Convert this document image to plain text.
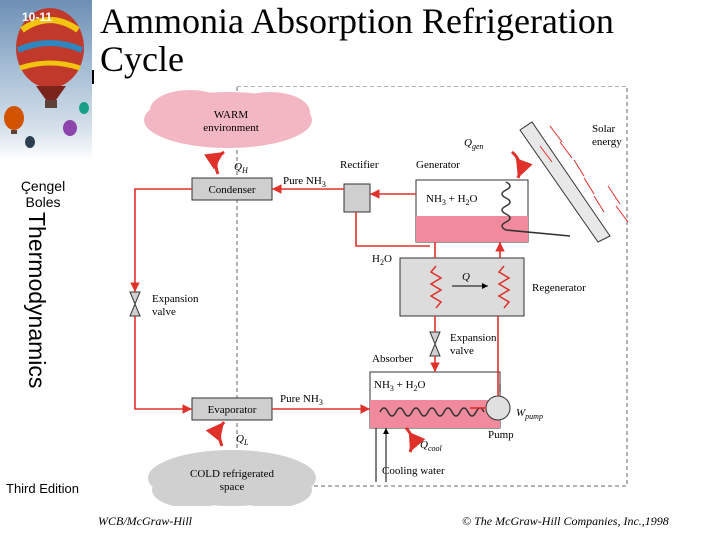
10-11
Çengel
Boles
Thermodynamics
Third Edition
Ammonia Absorption Refrigeration
Cycle
WARM
environment
$Q_H$
Condenser
Pure $NH_3$
Rectifier	Generator
$NH_3 + H_2O$
$Q_{gen}$
Solar
energy
$H_2O$
Q
Regenerator
Expansion
valve
Expansion
valve
Absorber
$NH_3 + H_2O$
Pure $NH_3$
Evaporator	$W_{pump}$
Pump
$Q_L$	$Q_{cool}$
Cooling water
COLD refrigerated
space
WCB/McGraw-Hill	© The McGraw-Hill Companies, Inc.,1998
